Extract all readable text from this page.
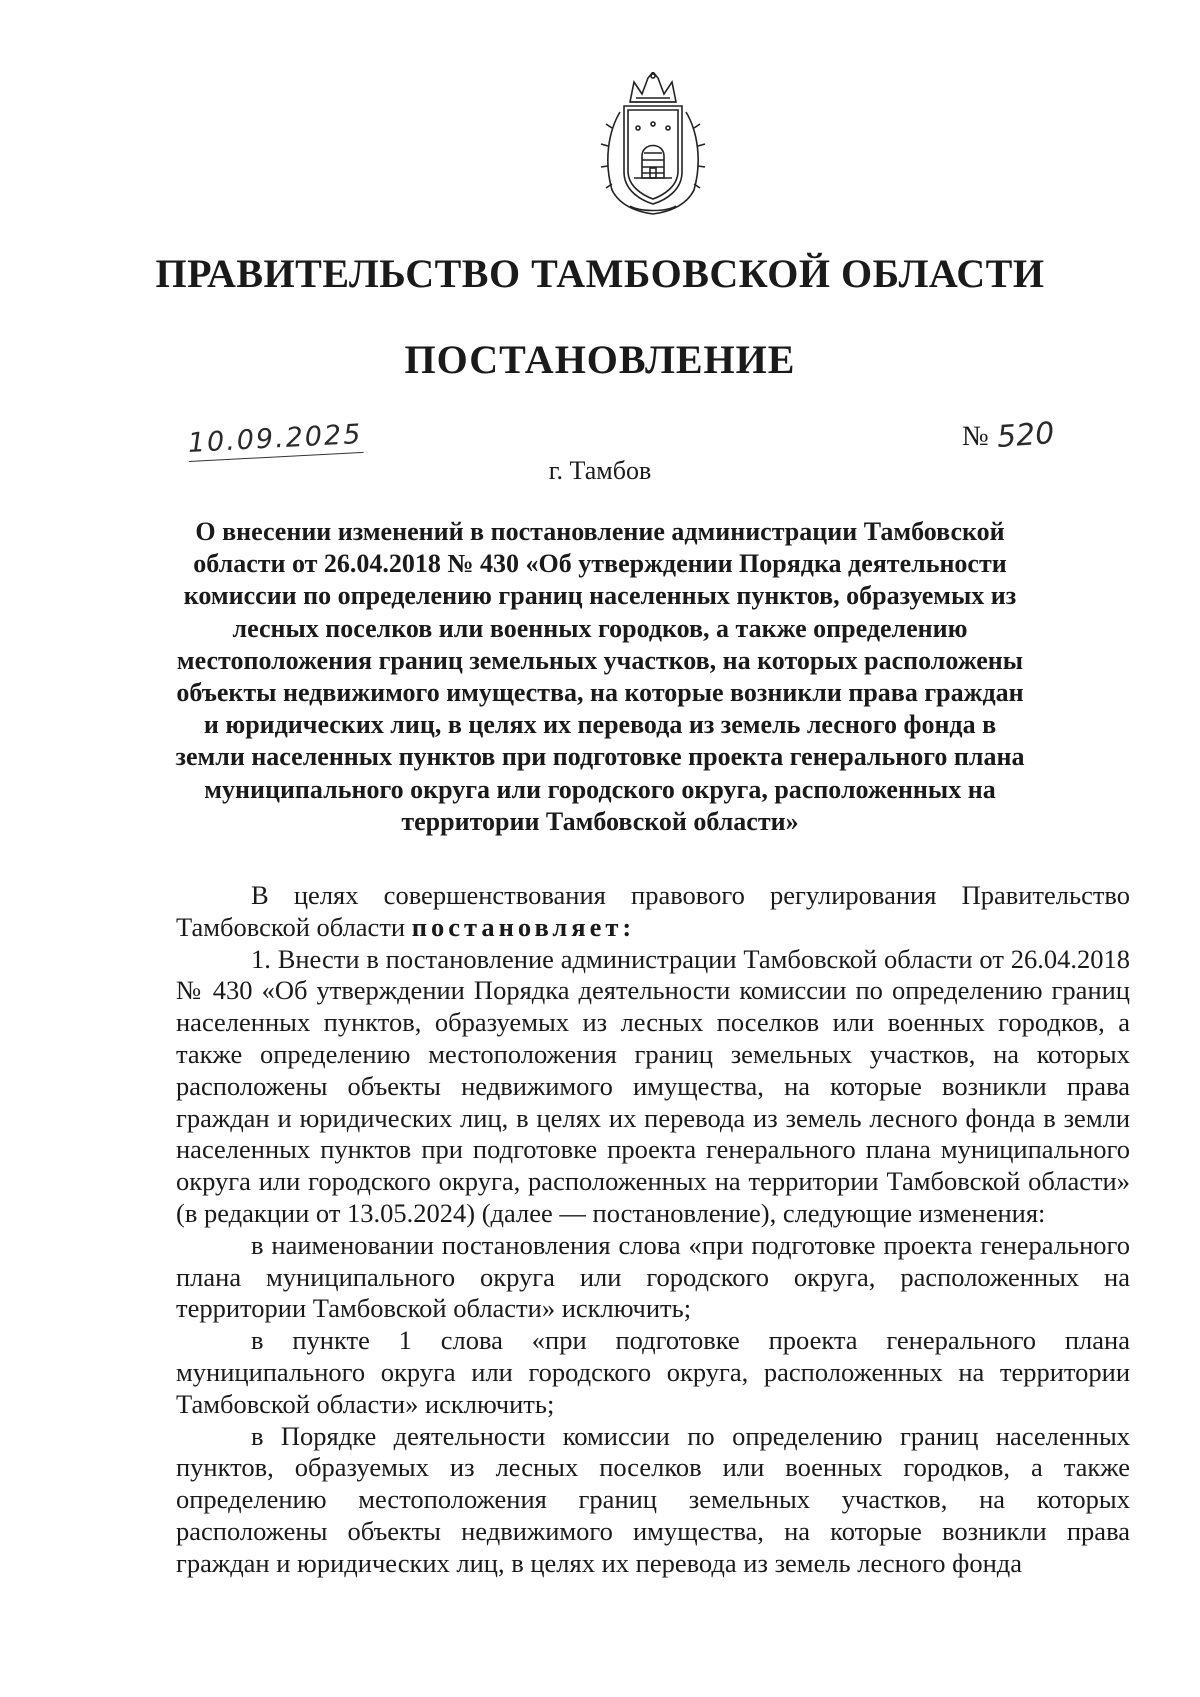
ПРАВИТЕЛЬСТВО ТАМБОВСКОЙ ОБЛАСТИ
ПОСТАНОВЛЕНИЕ
10.09.2025	№ 520
г. Тамбов
О внесении изменений в постановление администрации Тамбовской области от 26.04.2018 № 430 «Об утверждении Порядка деятельности комиссии по определению границ населенных пунктов, образуемых из лесных поселков или военных городков, а также определению местоположения границ земельных участков, на которых расположены объекты недвижимого имущества, на которые возникли права граждан и юридических лиц, в целях их перевода из земель лесного фонда в земли населенных пунктов при подготовке проекта генерального плана муниципального округа или городского округа, расположенных на территории Тамбовской области»

В целях совершенствования правового регулирования Правительство Тамбовской области постановляет:

1. Внести в постановление администрации Тамбовской области от 26.04.2018 № 430 «Об утверждении Порядка деятельности комиссии по определению границ населенных пунктов, образуемых из лесных поселков или военных городков, а также определению местоположения границ земельных участков, на которых расположены объекты недвижимого имущества, на которые возникли права граждан и юридических лиц, в целях их перевода из земель лесного фонда в земли населенных пунктов при подготовке проекта генерального плана муниципального округа или городского округа, расположенных на территории Тамбовской области» (в редакции от 13.05.2024) (далее — постановление), следующие изменения:

в наименовании постановления слова «при подготовке проекта генерального плана муниципального округа или городского округа, расположенных на территории Тамбовской области» исключить;

в пункте 1 слова «при подготовке проекта генерального плана муниципального округа или городского округа, расположенных на территории Тамбовской области» исключить;

в Порядке деятельности комиссии по определению границ населенных пунктов, образуемых из лесных поселков или военных городков, а также определению местоположения границ земельных участков, на которых расположены объекты недвижимого имущества, на которые возникли права граждан и юридических лиц, в целях их перевода из земель лесного фонда
